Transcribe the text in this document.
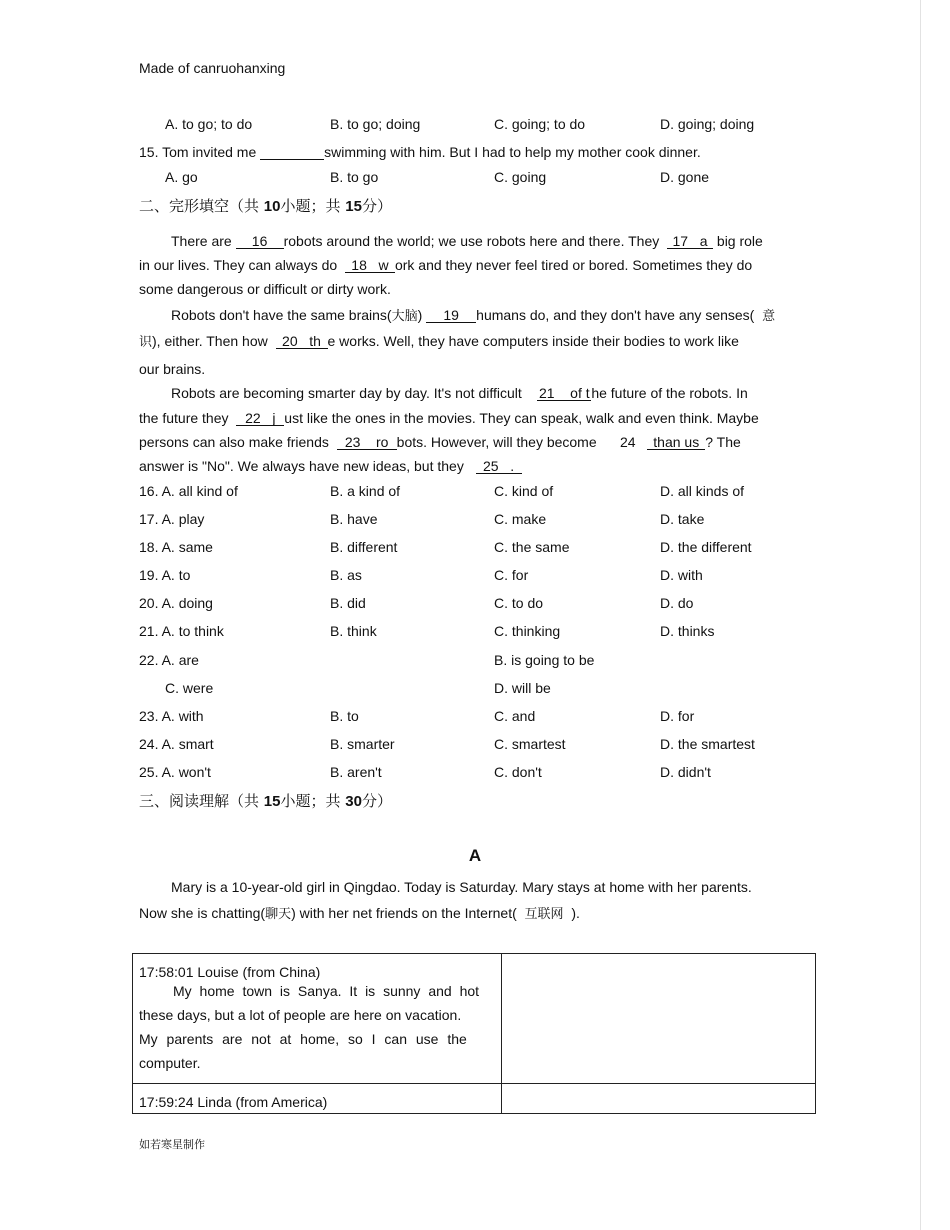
Made of canruohanxing
A. to go; to do	B. to go; doing	C. going; to do	D. going; doing
15. Tom invited me	swimming with him. But I had to help my mother cook dinner.
A. go	B. to go	C. going	D. gone
二、完形填空（共 10小题；共 15分）
There are 16 robots around the world; we use robots here and there. They 17 a big role
in our lives. They can always do 18 w ork and they never feel tired or bored. Sometimes they do
some dangerous or difficult or dirty work.
Robots don't have the same brains(大脑) 19 humans do, and they don't have any senses( 意
识), either. Then how 20 th e works. Well, they have computers inside their bodies to work like
our brains.
Robots are becoming smarter day by day. It's not difficult 21 of t he future of the robots. In
the future they 22 j ust like the ones in the movies. They can speak, walk and even think. Maybe
persons can also make friends 23 ro bots. However, will they become 24 than us ? The
answer is "No". We always have new ideas, but they 25 .
16. A. all kind of	B. a kind of	C. kind of	D. all kinds of
17. A. play	B. have	C. make	D. take
18. A. same	B. different	C. the same	D. the different
19. A. to	B. as	C. for	D. with
20. A. doing	B. did	C. to do	D. do
21. A. to think	B. think	C. thinking	D. thinks
22. A. are	B. is going to be
C. were	D. will be
23. A. with	B. to	C. and	D. for
24. A. smart	B. smarter	C. smartest	D. the smartest
25. A. won't	B. aren't	C. don't	D. didn't
三、阅读理解（共 15小题；共 30分）
A
Mary is a 10-year-old girl in Qingdao. Today is Saturday. Mary stays at home with her parents.
Now she is chatting(聊天) with her net friends on the Internet( 互联网 ).
17:58:01 Louise (from China)
My home town is Sanya. It is sunny and hot
these days, but a lot of people are here on vacation.
My parents are not at home, so I can use the
computer.
17:59:24 Linda (from America)
如若寒星制作
